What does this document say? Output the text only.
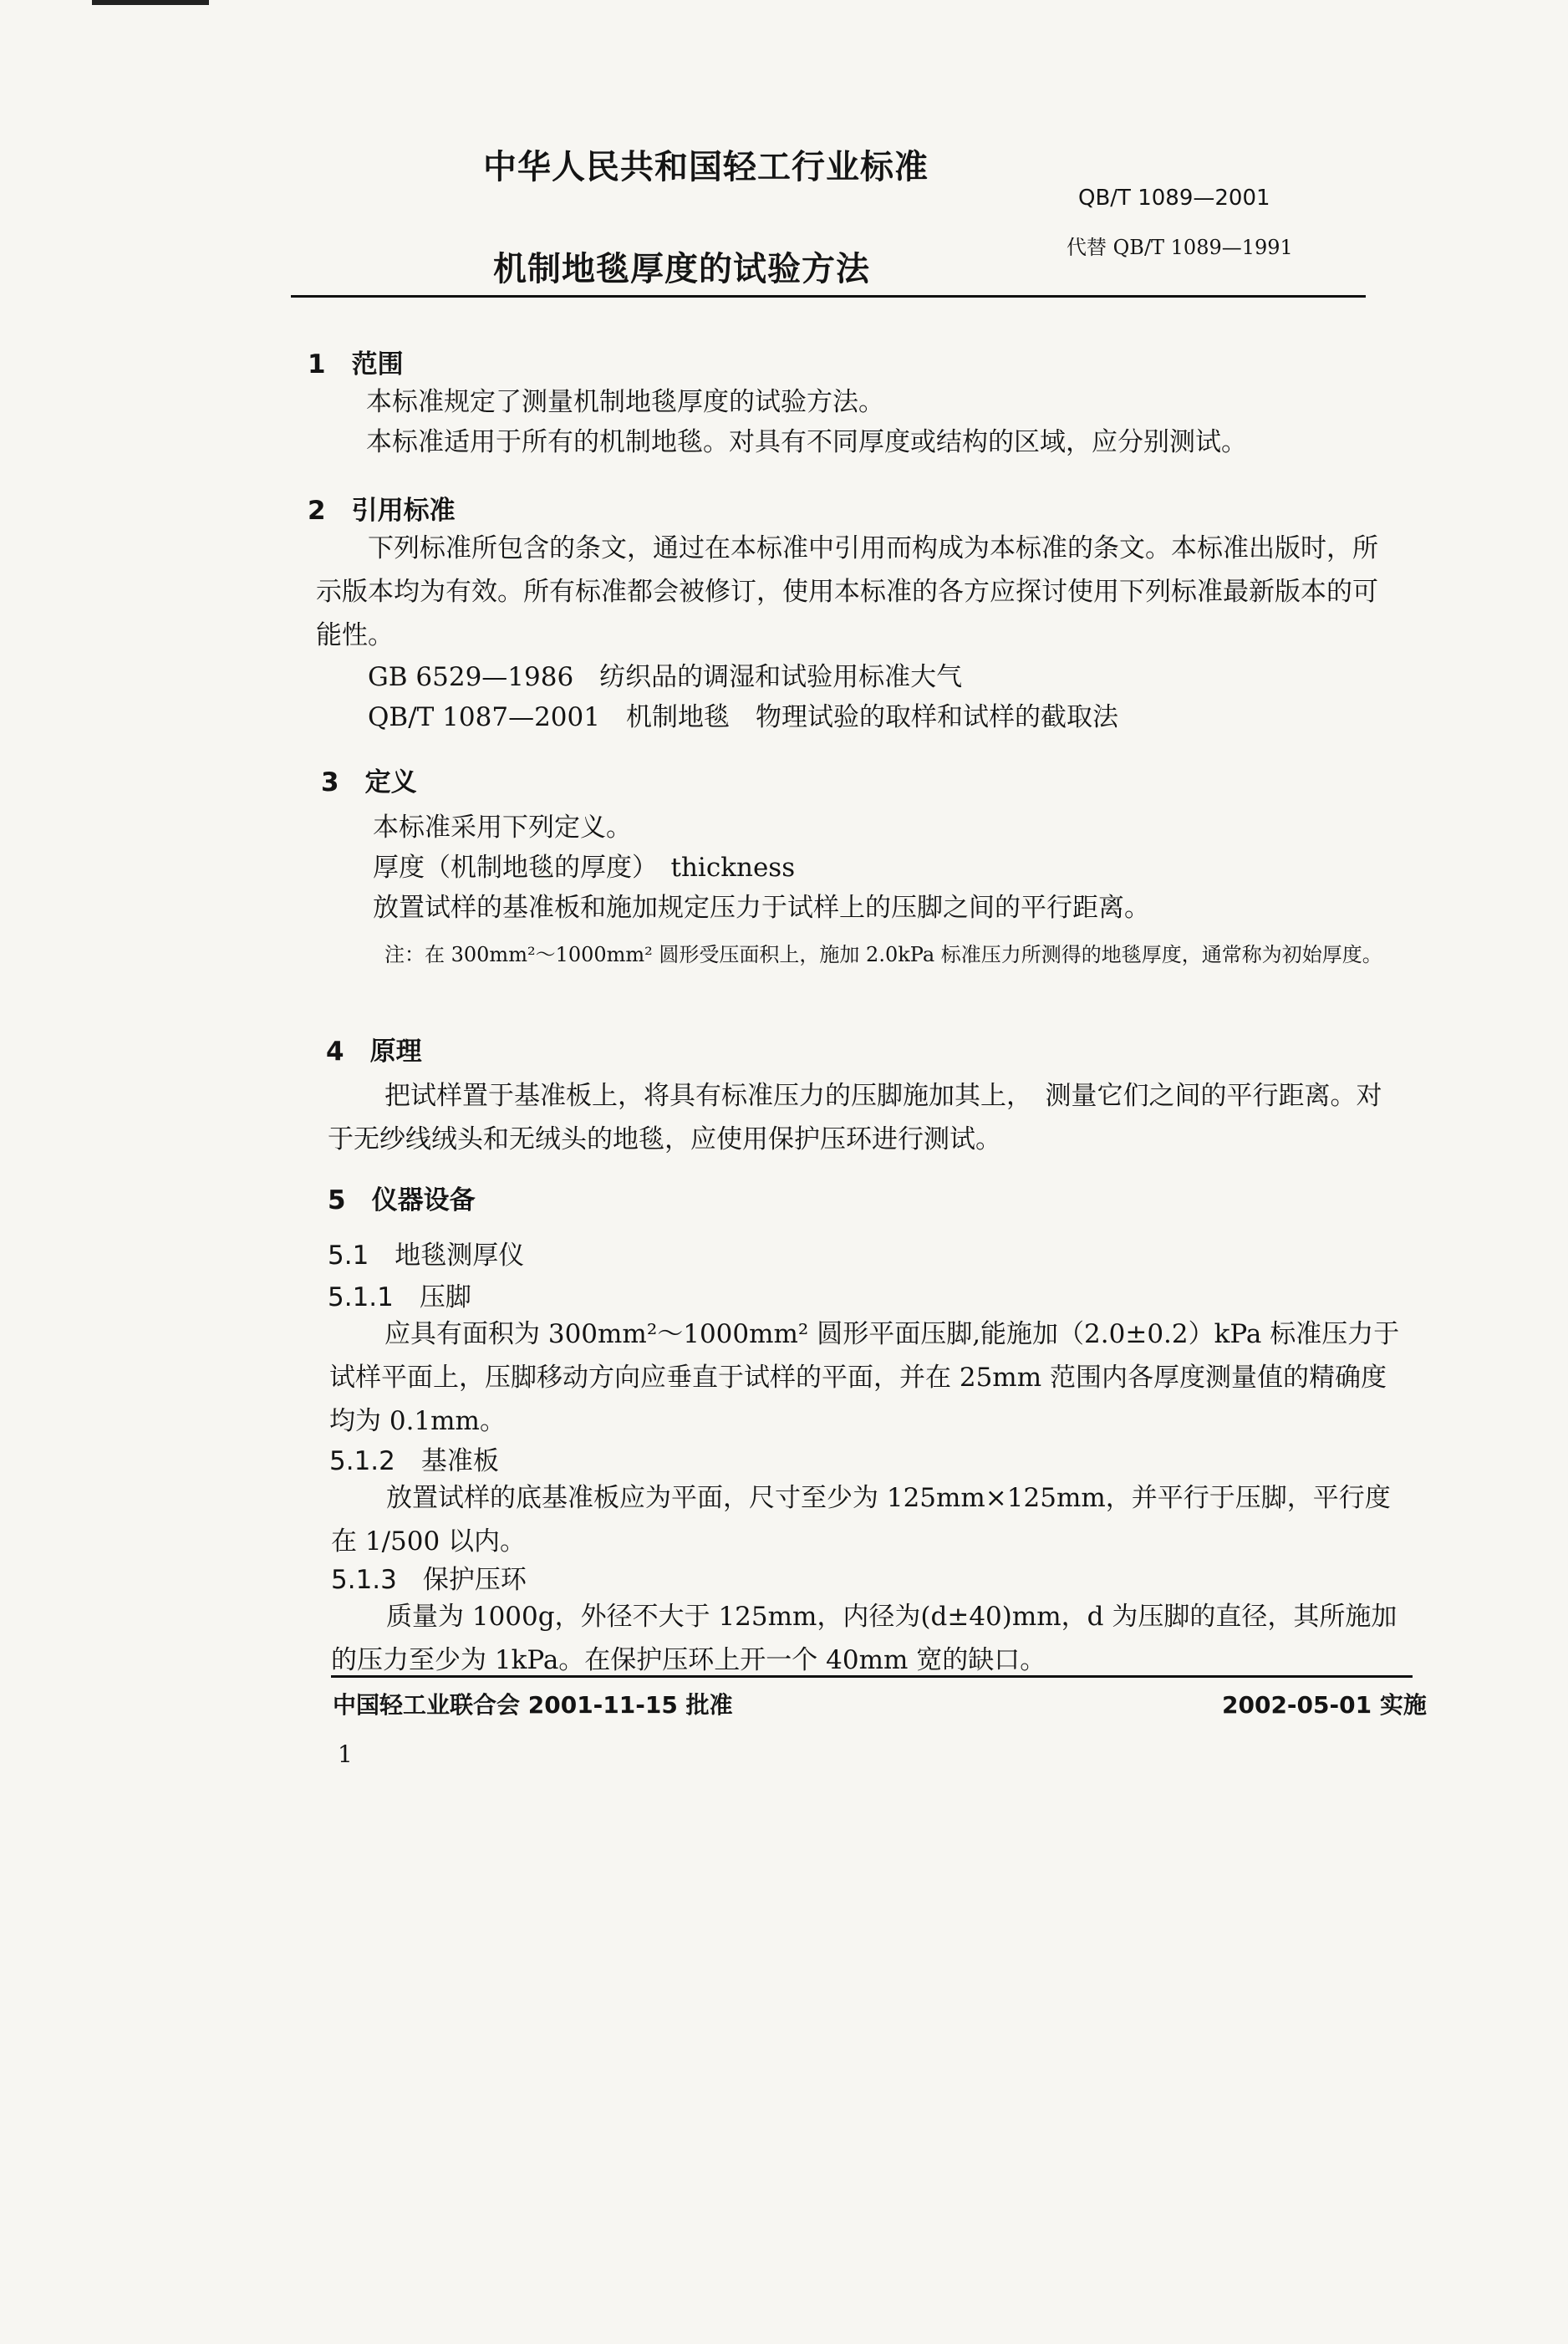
中华人民共和国轻工行业标准
QB/T 1089—2001
机制地毯厚度的试验方法
代替 QB/T 1089—1991
1　范围
本标准规定了测量机制地毯厚度的试验方法。
本标准适用于所有的机制地毯。对具有不同厚度或结构的区域，应分别测试。
2　引用标准
下列标准所包含的条文，通过在本标准中引用而构成为本标准的条文。本标准出版时，所示版本均为有效。所有标准都会被修订，使用本标准的各方应探讨使用下列标准最新版本的可能性。
GB 6529—1986　纺织品的调湿和试验用标准大气
QB/T 1087—2001　机制地毯　物理试验的取样和试样的截取法
3　定义
本标准采用下列定义。
厚度（机制地毯的厚度）　thickness
放置试样的基准板和施加规定压力于试样上的压脚之间的平行距离。
注：在 300mm²～1000mm² 圆形受压面积上，施加 2.0kPa 标准压力所测得的地毯厚度，通常称为初始厚度。
4　原理
把试样置于基准板上，将具有标准压力的压脚施加其上，　测量它们之间的平行距离。对于无纱线绒头和无绒头的地毯，应使用保护压环进行测试。
5　仪器设备
5.1　地毯测厚仪
5.1.1　压脚
应具有面积为 300mm²～1000mm² 圆形平面压脚,能施加（2.0±0.2）kPa 标准压力于试样平面上，压脚移动方向应垂直于试样的平面，并在 25mm 范围内各厚度测量值的精确度均为 0.1mm。
5.1.2　基准板
放置试样的底基准板应为平面，尺寸至少为 125mm×125mm，并平行于压脚，平行度在 1/500 以内。
5.1.3　保护压环
质量为 1000g，外径不大于 125mm，内径为(d±40)mm，d 为压脚的直径，其所施加的压力至少为 1kPa。在保护压环上开一个 40mm 宽的缺口。
中国轻工业联合会 2001-11-15 批准	2002-05-01 实施
1
